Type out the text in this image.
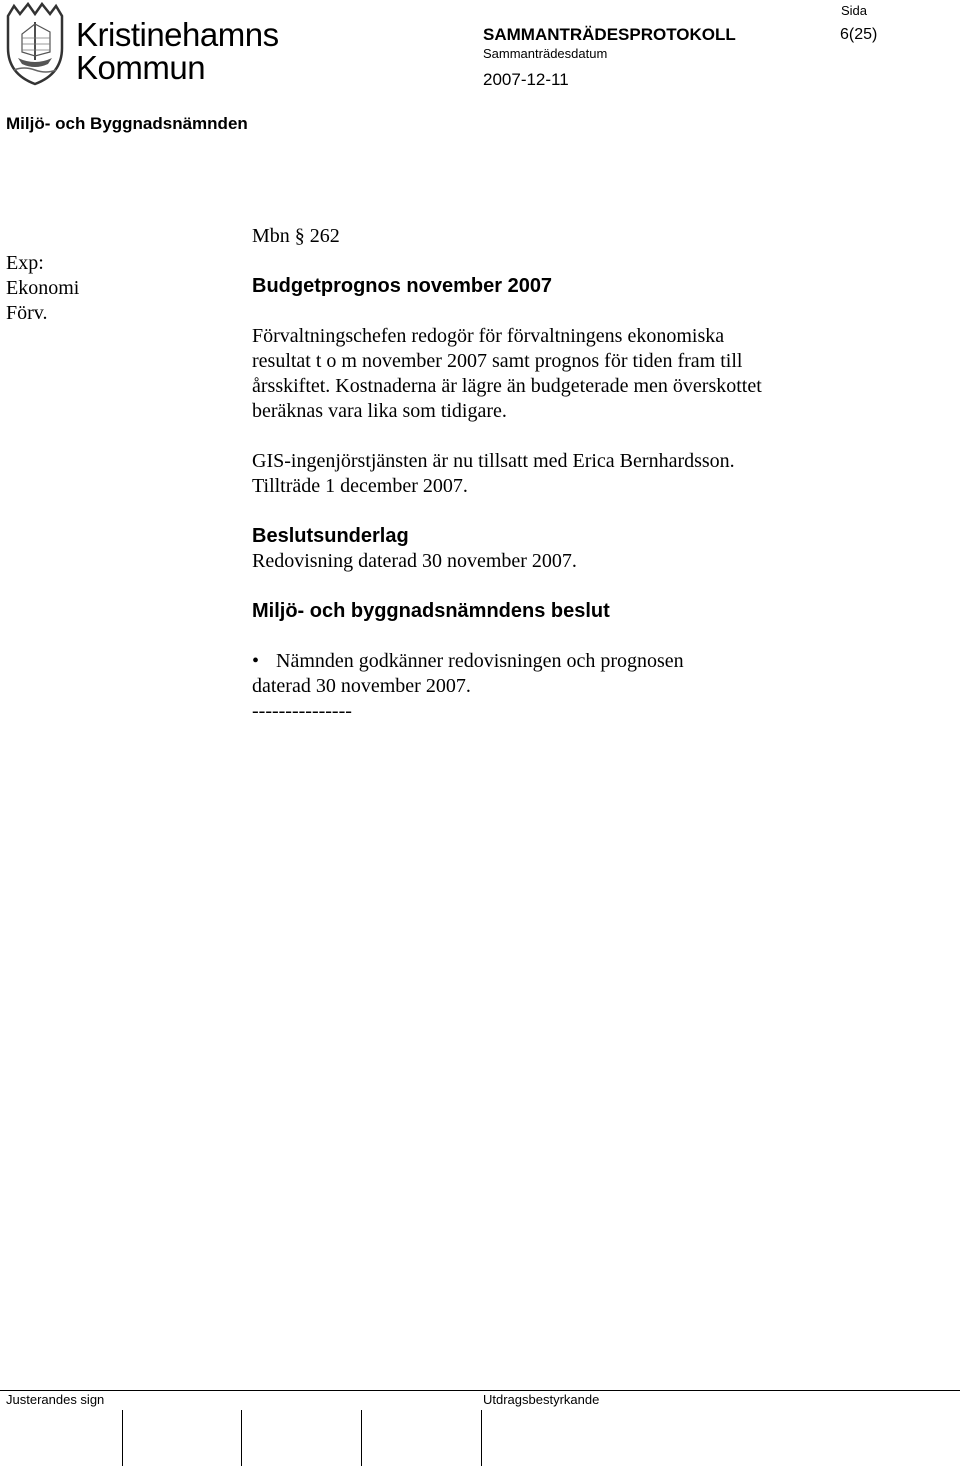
Kristinehamns
Kommun
Sida
SAMMANTRÄDESPROTOKOLL	6(25)
Sammanträdesdatum
2007-12-11
Miljö- och Byggnadsnämnden
Exp:
Ekonomi
Förv.

Mbn § 262

Budgetprognos november 2007

Förvaltningschefen redogör för förvaltningens ekonomiska

resultat t o m november 2007 samt prognos för tiden fram till

årsskiftet. Kostnaderna är lägre än budgeterade men överskottet

beräknas vara lika som tidigare.

GIS-ingenjörstjänsten är nu tillsatt med Erica Bernhardsson.

Tillträde 1 december 2007.

Beslutsunderlag

Redovisning daterad 30 november 2007.

Miljö- och byggnadsnämndens beslut

• Nämnden godkänner redovisningen och prognosen

daterad 30 november 2007.

---------------

Justerandes sign	Utdragsbestyrkande
